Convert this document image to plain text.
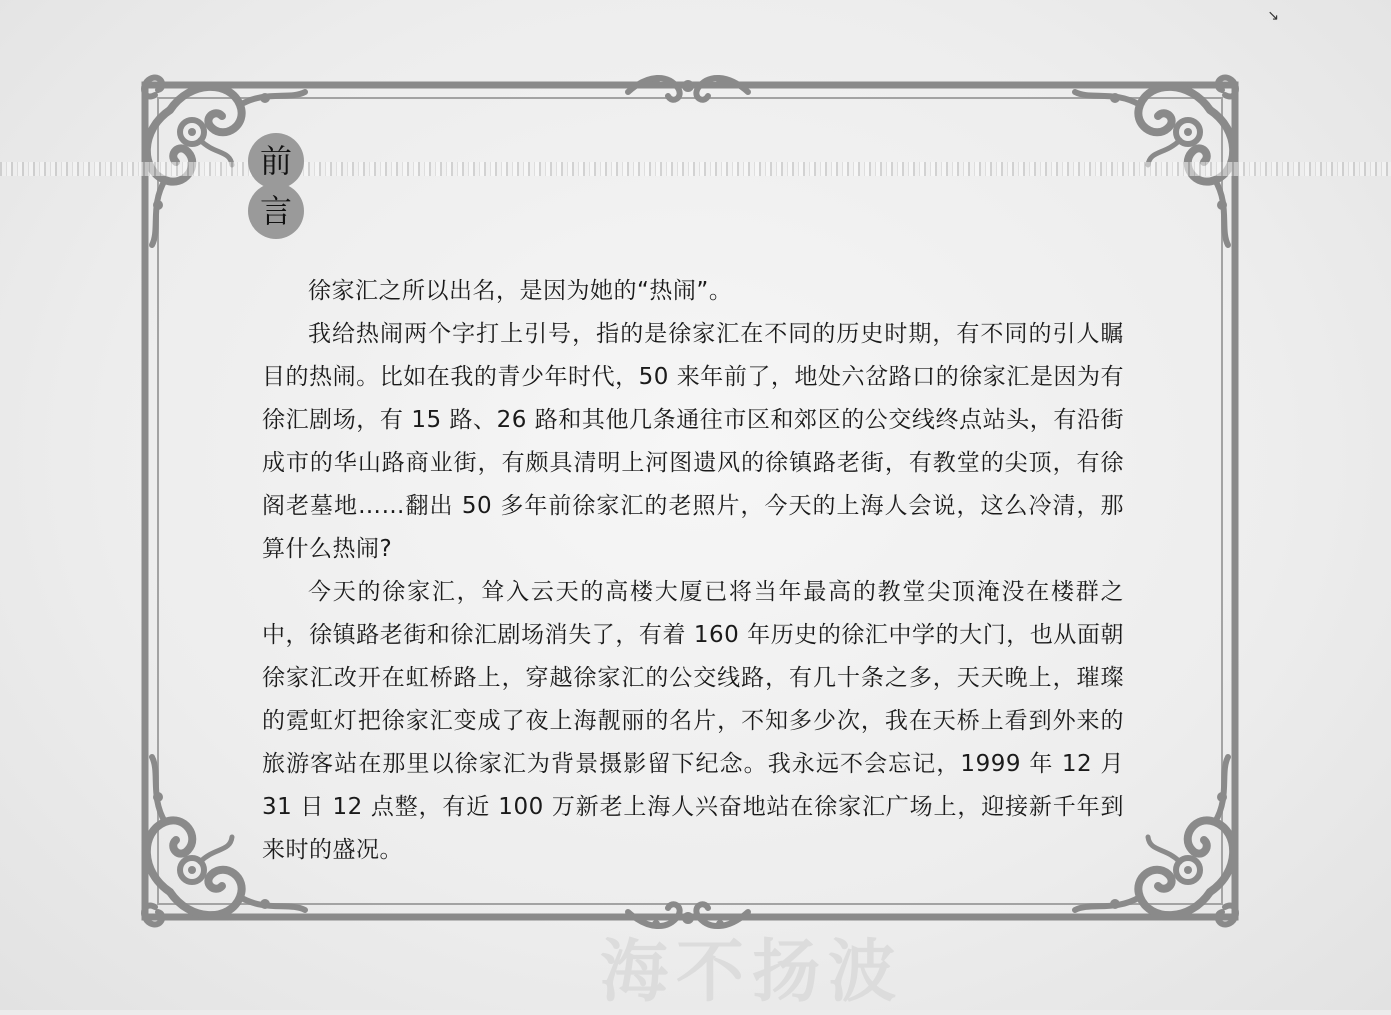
前
言
海不扬波
↘

徐家汇之所以出名，是因为她的“热闹”。

我给热闹两个字打上引号，指的是徐家汇在不同的历史时期，有不同的引人瞩目的热闹。比如在我的青少年时代，50 来年前了，地处六岔路口的徐家汇是因为有徐汇剧场，有 15 路、26 路和其他几条通往市区和郊区的公交线终点站头，有沿街成市的华山路商业街，有颇具清明上河图遗风的徐镇路老街，有教堂的尖顶，有徐阁老墓地……翻出 50 多年前徐家汇的老照片，今天的上海人会说，这么冷清，那算什么热闹?

今天的徐家汇，耸入云天的高楼大厦已将当年最高的教堂尖顶淹没在楼群之中，徐镇路老街和徐汇剧场消失了，有着 160 年历史的徐汇中学的大门，也从面朝徐家汇改开在虹桥路上，穿越徐家汇的公交线路，有几十条之多，天天晚上，璀璨的霓虹灯把徐家汇变成了夜上海靓丽的名片，不知多少次，我在天桥上看到外来的旅游客站在那里以徐家汇为背景摄影留下纪念。我永远不会忘记，1999 年 12 月 31 日 12 点整，有近 100 万新老上海人兴奋地站在徐家汇广场上，迎接新千年到来时的盛况。
